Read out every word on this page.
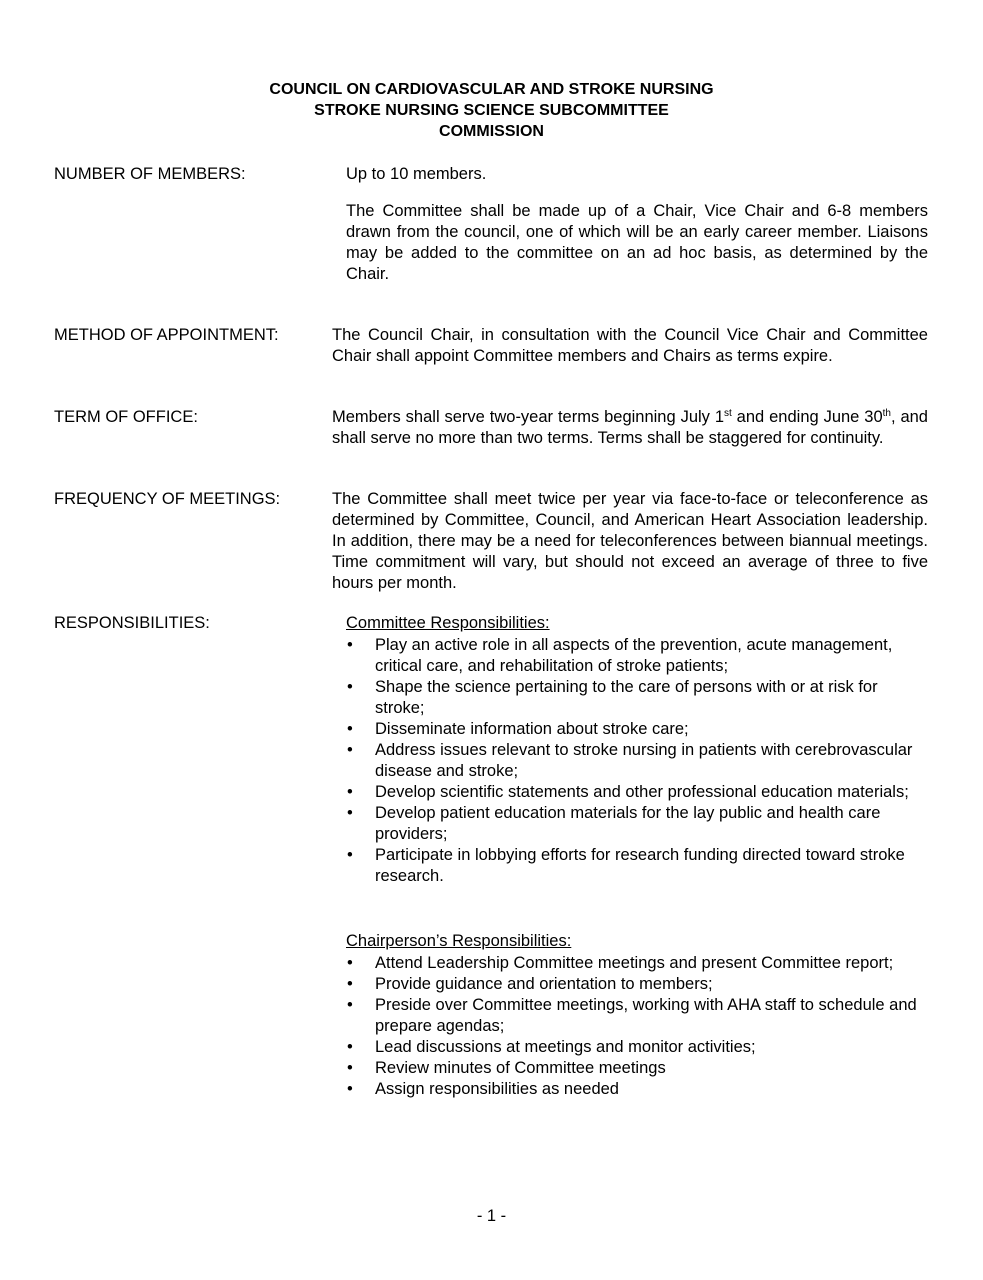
COUNCIL ON CARDIOVASCULAR AND STROKE NURSING
STROKE NURSING SCIENCE SUBCOMMITTEE
COMMISSION
NUMBER OF MEMBERS:	Up to 10 members.
The Committee shall be made up of a Chair, Vice Chair and 6-8 members drawn from the council, one of which will be an early career member. Liaisons may be added to the committee on an ad hoc basis, as determined by the Chair.
METHOD OF APPOINTMENT:	The Council Chair, in consultation with the Council Vice Chair and Committee Chair shall appoint Committee members and Chairs as terms expire.
TERM OF OFFICE:	Members shall serve two-year terms beginning July 1st and ending June 30th, and shall serve no more than two terms. Terms shall be staggered for continuity.
FREQUENCY OF MEETINGS:	The Committee shall meet twice per year via face-to-face or teleconference as determined by Committee, Council, and American Heart Association leadership. In addition, there may be a need for teleconferences between biannual meetings. Time commitment will vary, but should not exceed an average of three to five hours per month.
RESPONSIBILITIES:	Committee Responsibilities:
• Play an active role in all aspects of the prevention, acute management, critical care, and rehabilitation of stroke patients;
• Shape the science pertaining to the care of persons with or at risk for stroke;
• Disseminate information about stroke care;
• Address issues relevant to stroke nursing in patients with cerebrovascular disease and stroke;
• Develop scientific statements and other professional education materials;
• Develop patient education materials for the lay public and health care providers;
• Participate in lobbying efforts for research funding directed toward stroke research.
Chairperson’s Responsibilities:
• Attend Leadership Committee meetings and present Committee report;
• Provide guidance and orientation to members;
• Preside over Committee meetings, working with AHA staff to schedule and prepare agendas;
• Lead discussions at meetings and monitor activities;
• Review minutes of Committee meetings
• Assign responsibilities as needed
- 1 -
